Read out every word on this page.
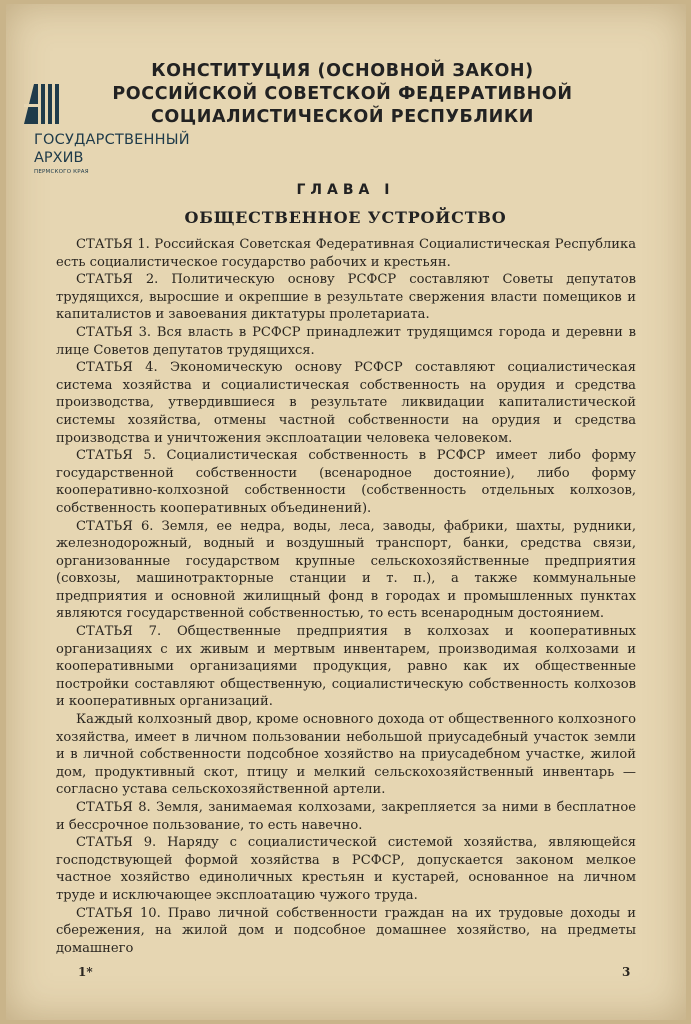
ГОСУДАРСТВЕННЫЙ
АРХИВ
ПЕРМСКОГО КРАЯ
КОНСТИТУЦИЯ (ОСНОВНОЙ ЗАКОН)
РОССИЙСКОЙ СОВЕТСКОЙ ФЕДЕРАТИВНОЙ
СОЦИАЛИСТИЧЕСКОЙ РЕСПУБЛИКИ
ГЛАВА I
ОБЩЕСТВЕННОЕ УСТРОЙСТВО

СТАТЬЯ 1. Российская Советская Федеративная Социалистическая Республика есть социалистическое государство рабочих и крестьян.

СТАТЬЯ 2. Политическую основу РСФСР составляют Советы депутатов трудящихся, выросшие и окрепшие в результате свержения власти помещиков и капиталистов и завоевания диктатуры пролетариата.

СТАТЬЯ 3. Вся власть в РСФСР принадлежит трудящимся города и деревни в лице Советов депутатов трудящихся.

СТАТЬЯ 4. Экономическую основу РСФСР составляют социалистическая система хозяйства и социалистическая собственность на орудия и средства производства, утвердившиеся в результате ликвидации капиталистической системы хозяйства, отмены частной собственности на орудия и средства производства и уничтожения эксплоатации человека человеком.

СТАТЬЯ 5. Социалистическая собственность в РСФСР имеет либо форму государственной собственности (всенародное достояние), либо форму кооперативно-колхозной собственности (собственность отдельных колхозов, собственность кооперативных объединений).

СТАТЬЯ 6. Земля, ее недра, воды, леса, заводы, фабрики, шахты, рудники, железнодорожный, водный и воздушный транспорт, банки, средства связи, организованные государством крупные сельскохозяйственные предприятия (совхозы, машинотракторные станции и т. п.), а также коммунальные предприятия и основной жилищный фонд в городах и промышленных пунктах являются государственной собственностью, то есть всенародным достоянием.

СТАТЬЯ 7. Общественные предприятия в колхозах и кооперативных организациях с их живым и мертвым инвентарем, производимая колхозами и кооперативными организациями продукция, равно как их общественные постройки составляют общественную, социалистическую собственность колхозов и кооперативных организаций.

Каждый колхозный двор, кроме основного дохода от общественного колхозного хозяйства, имеет в личном пользовании небольшой приусадебный участок земли и в личной собственности подсобное хозяйство на приусадебном участке, жилой дом, продуктивный скот, птицу и мелкий сельскохозяйственный инвентарь — согласно устава сельскохозяйственной артели.

СТАТЬЯ 8. Земля, занимаемая колхозами, закрепляется за ними в бесплатное и бессрочное пользование, то есть навечно.

СТАТЬЯ 9. Наряду с социалистической системой хозяйства, являющейся господствующей формой хозяйства в РСФСР, допускается законом мелкое частное хозяйство единоличных крестьян и кустарей, основанное на личном труде и исключающее эксплоатацию чужого труда.

СТАТЬЯ 10. Право личной собственности граждан на их трудовые доходы и сбережения, на жилой дом и подсобное домашнее хозяйство, на предметы домашнего

1*	3
